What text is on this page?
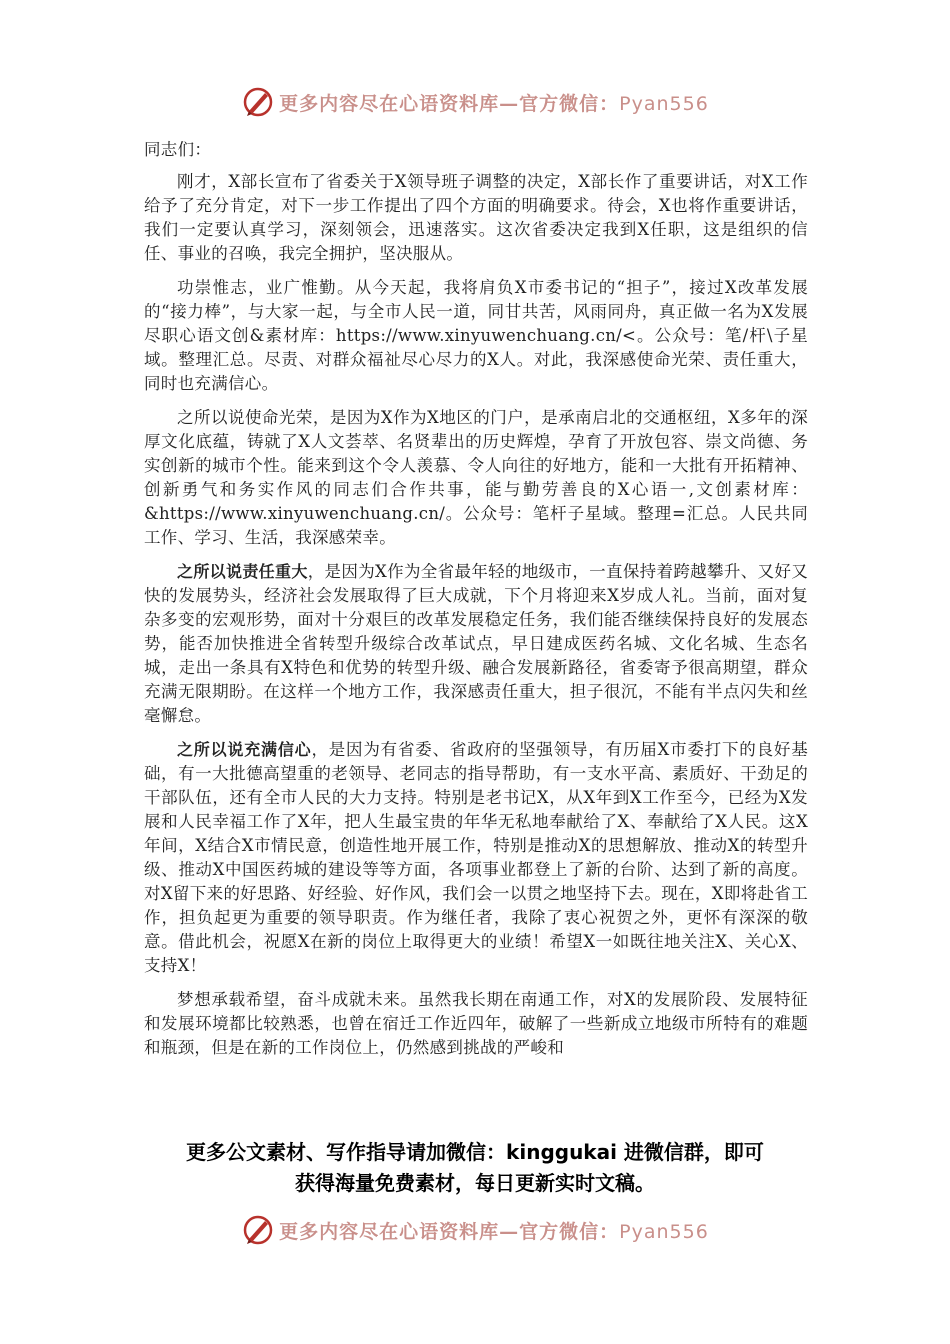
更多内容尽在心语资料库—官方微信：Pyan556

同志们：

刚才，X部长宣布了省委关于X领导班子调整的决定，X部长作了重要讲话，对X工作给予了充分肯定，对下一步工作提出了四个方面的明确要求。待会，X也将作重要讲话，我们一定要认真学习，深刻领会，迅速落实。这次省委决定我到X任职，这是组织的信任、事业的召唤，我完全拥护，坚决服从。

功崇惟志，业广惟勤。从今天起，我将肩负X市委书记的“担子”，接过X改革发展的“接力棒”，与大家一起，与全市人民一道，同甘共苦，风雨同舟，真正做一名为X发展尽职心语文创&素材库：https://www.xinyuwenchuang.cn/<。公众号：笔/杆\子星域。整理汇总。尽责、对群众福祉尽心尽力的X人。对此，我深感使命光荣、责任重大，同时也充满信心。

之所以说使命光荣，是因为X作为X地区的门户，是承南启北的交通枢纽，X多年的深厚文化底蕴，铸就了X人文荟萃、名贤辈出的历史辉煌，孕育了开放包容、崇文尚德、务实创新的城市个性。能来到这个令人羡慕、令人向往的好地方，能和一大批有开拓精神、创新勇气和务实作风的同志们合作共事，能与勤劳善良的X心语一,文创素材库：&https://www.xinyuwenchuang.cn/。公众号：笔杆子星域。整理=汇总。人民共同工作、学习、生活，我深感荣幸。

之所以说责任重大，是因为X作为全省最年轻的地级市，一直保持着跨越攀升、又好又快的发展势头，经济社会发展取得了巨大成就，下个月将迎来X岁成人礼。当前，面对复杂多变的宏观形势，面对十分艰巨的改革发展稳定任务，我们能否继续保持良好的发展态势，能否加快推进全省转型升级综合改革试点，早日建成医药名城、文化名城、生态名城，走出一条具有X特色和优势的转型升级、融合发展新路径，省委寄予很高期望，群众充满无限期盼。在这样一个地方工作，我深感责任重大，担子很沉，不能有半点闪失和丝毫懈怠。

之所以说充满信心，是因为有省委、省政府的坚强领导，有历届X市委打下的良好基础，有一大批德高望重的老领导、老同志的指导帮助，有一支水平高、素质好、干劲足的干部队伍，还有全市人民的大力支持。特别是老书记X，从X年到X工作至今，已经为X发展和人民幸福工作了X年，把人生最宝贵的年华无私地奉献给了X、奉献给了X人民。这X年间，X结合X市情民意，创造性地开展工作，特别是推动X的思想解放、推动X的转型升级、推动X中国医药城的建设等等方面，各项事业都登上了新的台阶、达到了新的高度。对X留下来的好思路、好经验、好作风，我们会一以贯之地坚持下去。现在，X即将赴省工作，担负起更为重要的领导职责。作为继任者，我除了衷心祝贺之外，更怀有深深的敬意。借此机会，祝愿X在新的岗位上取得更大的业绩！希望X一如既往地关注X、关心X、支持X！

梦想承载希望，奋斗成就未来。虽然我长期在南通工作，对X的发展阶段、发展特征和发展环境都比较熟悉，也曾在宿迁工作近四年，破解了一些新成立地级市所特有的难题和瓶颈，但是在新的工作岗位上，仍然感到挑战的严峻和

更多公文素材、写作指导请加微信：kinggukai 进微信群，即可
获得海量免费素材，每日更新实时文稿。
更多内容尽在心语资料库—官方微信：Pyan556
